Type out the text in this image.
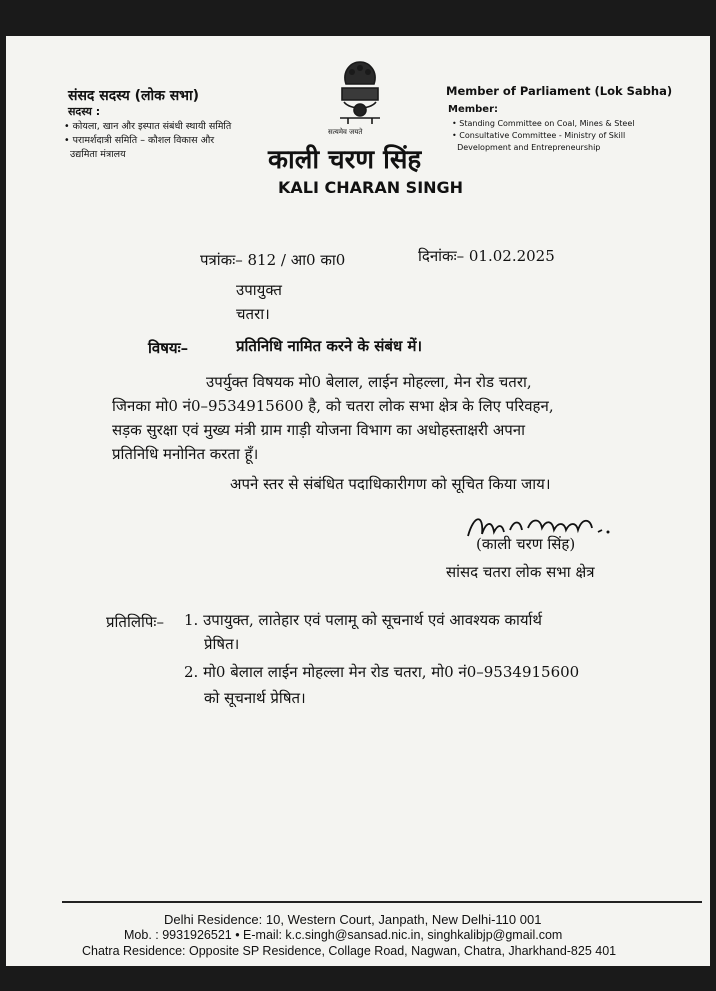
संसद सदस्य (लोक सभा)
सदस्य :
• कोयला, खान और इस्पात संबंधी स्थायी समिति
• परामर्शदात्री समिति – कौशल विकास और
उद्यमिता मंत्रालय
सत्यमेव जयते
Member of Parliament (Lok Sabha)
Member:
• Standing Committee on Coal, Mines & Steel
• Consultative Committee - Ministry of Skill
Development and Entrepreneurship
काली चरण सिंह
KALI CHARAN SINGH
पत्रांकः– 812 / आ0 का0	दिनांकः– 01.02.2025
उपायुक्त
चतरा।
विषयः–	प्रतिनिधि नामित करने के संबंध में।
उपर्युक्त विषयक मो0 बेलाल, लाईन मोहल्ला, मेन रोड चतरा,
जिनका मो0 नं0–9534915600 है, को चतरा लोक सभा क्षेत्र के लिए परिवहन,
सड़क सुरक्षा एवं मुख्य मंत्री ग्राम गाड़ी योजना विभाग का अधोहस्ताक्षरी अपना
प्रतिनिधि मनोनित करता हूँ।
अपने स्तर से संबंधित पदाधिकारीगण को सूचित किया जाय।
(काली चरण सिंह)
सांसद चतरा लोक सभा क्षेत्र
प्रतिलिपिः– 1. उपायुक्त, लातेहार एवं पलामू को सूचनार्थ एवं आवश्यक कार्यार्थ
प्रेषित।
2. मो0 बेलाल लाईन मोहल्ला मेन रोड चतरा, मो0 नं0–9534915600
को सूचनार्थ प्रेषित।
Delhi Residence: 10, Western Court, Janpath, New Delhi-110 001
Mob. : 9931926521 • E-mail: k.c.singh@sansad.nic.in, singhkalibjp@gmail.com
Chatra Residence: Opposite SP Residence, Collage Road, Nagwan, Chatra, Jharkhand-825 401
